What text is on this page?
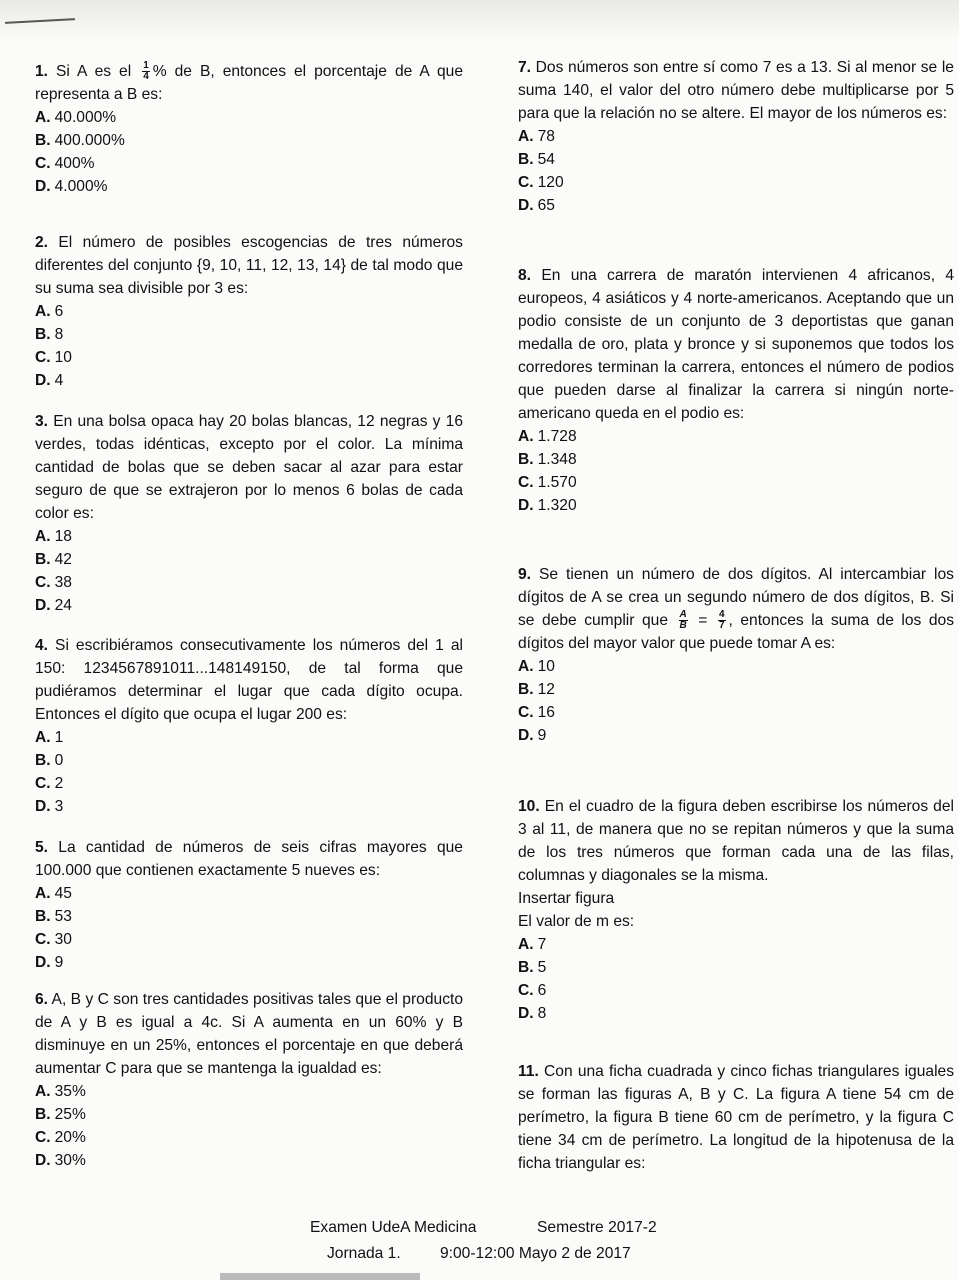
1. Si A es el $\frac{1}{4}$ % de B, entonces el porcentaje de A que representa a B es:
A. 40.000%
B. 400.000%
C. 400%
D. 4.000%
2. El número de posibles escogencias de tres números diferentes del conjunto {9, 10, 11, 12, 13, 14} de tal modo que su suma sea divisible por 3 es:
A. 6
B. 8
C. 10
D. 4
3. En una bolsa opaca hay 20 bolas blancas, 12 negras y 16 verdes, todas idénticas, excepto por el color. La mínima cantidad de bolas que se deben sacar al azar para estar seguro de que se extrajeron por lo menos 6 bolas de cada color es:
A. 18
B. 42
C. 38
D. 24
4. Si escribiéramos consecutivamente los números del 1 al 150: 1234567891011...148149150, de tal forma que pudiéramos determinar el lugar que cada dígito ocupa. Entonces el dígito que ocupa el lugar 200 es:
A. 1
B. 0
C. 2
D. 3
5. La cantidad de números de seis cifras mayores que 100.000 que contienen exactamente 5 nueves es:
A. 45
B. 53
C. 30
D. 9
6. A, B y C son tres cantidades positivas tales que el producto de A y B es igual a 4c. Si A aumenta en un 60% y B disminuye en un 25%, entonces el porcentaje en que deberá aumentar C para que se mantenga la igualdad es:
A. 35%
B. 25%
C. 20%
D. 30%
7. Dos números son entre sí como 7 es a 13. Si al menor se le suma 140, el valor del otro número debe multiplicarse por 5 para que la relación no se altere. El mayor de los números es:
A. 78
B. 54
C. 120
D. 65
8. En una carrera de maratón intervienen 4 africanos, 4 europeos, 4 asiáticos y 4 norte-americanos. Aceptando que un podio consiste de un conjunto de 3 deportistas que ganan medalla de oro, plata y bronce y si suponemos que todos los corredores terminan la carrera, entonces el número de podios que pueden darse al finalizar la carrera si ningún norte-americano queda en el podio es:
A. 1.728
B. 1.348
C. 1.570
D. 1.320
9. Se tienen un número de dos dígitos. Al intercambiar los dígitos de A se crea un segundo número de dos dígitos, B. Si se debe cumplir que $\frac{A}{B} = \frac{4}{7}$ , entonces la suma de los dos dígitos del mayor valor que puede tomar A es:
A. 10
B. 12
C. 16
D. 9
10. En el cuadro de la figura deben escribirse los números del 3 al 11, de manera que no se repitan números y que la suma de los tres números que forman cada una de las filas, columnas y diagonales se la misma.
Insertar figura
El valor de m es:
A. 7
B. 5
C. 6
D. 8
11. Con una ficha cuadrada y cinco fichas triangulares iguales se forman las figuras A, B y C. La figura A tiene 54 cm de perímetro, la figura B tiene 60 cm de perímetro, y la figura C tiene 34 cm de perímetro. La longitud de la hipotenusa de la ficha triangular es:
Examen UdeA Medicina	Semestre 2017-2
Jornada 1.	9:00-12:00 Mayo 2 de 2017
